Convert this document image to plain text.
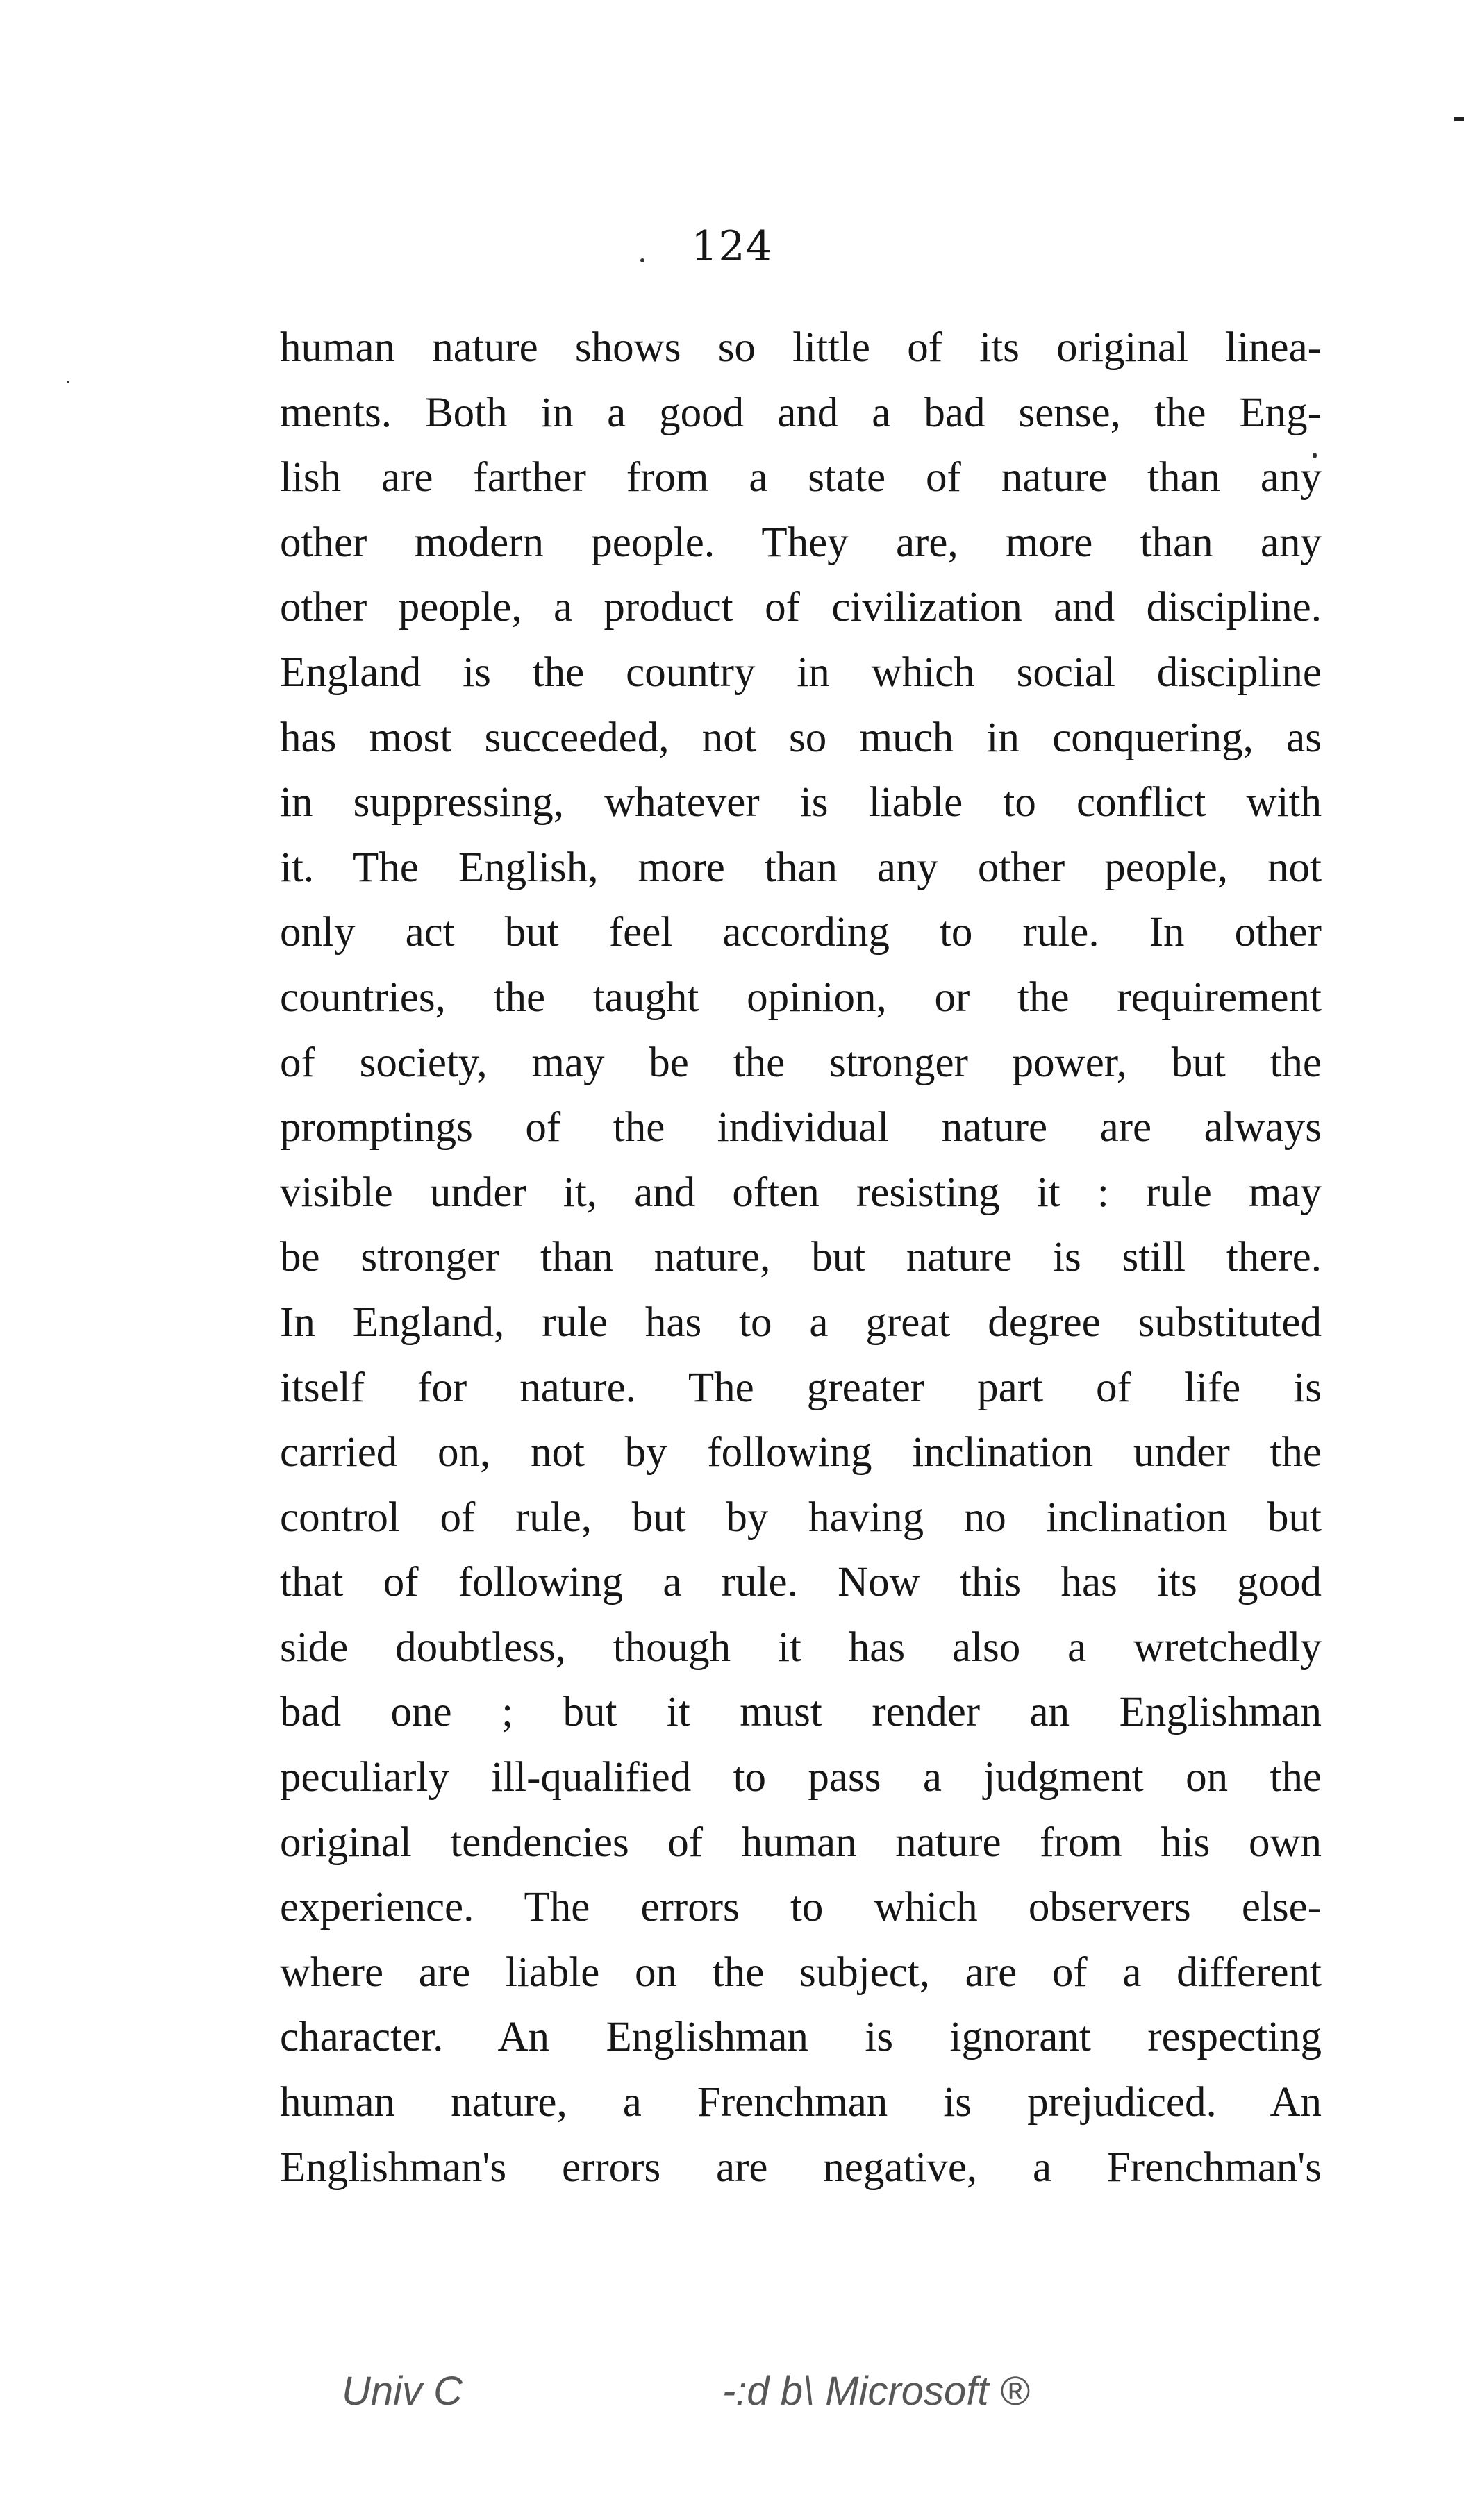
124
human nature shows so little of its original linea-
ments. Both in a good and a bad sense, the Eng-
lish are farther from a state of nature than any
other modern people. They are, more than any
other people, a product of civilization and discipline.
England is the country in which social discipline
has most succeeded, not so much in conquering, as
in suppressing, whatever is liable to conflict with
it. The English, more than any other people, not
only act but feel according to rule. In other
countries, the taught opinion, or the requirement
of society, may be the stronger power, but the
promptings of the individual nature are always
visible under it, and often resisting it : rule may
be stronger than nature, but nature is still there.
In England, rule has to a great degree substituted
itself for nature. The greater part of life is
carried on, not by following inclination under the
control of rule, but by having no inclination but
that of following a rule. Now this has its good
side doubtless, though it has also a wretchedly
bad one ; but it must render an Englishman
peculiarly ill-qualified to pass a judgment on the
original tendencies of human nature from his own
experience. The errors to which observers else-
where are liable on the subject, are of a different
character. An Englishman is ignorant respecting
human nature, a Frenchman is prejudiced. An
Englishman's errors are negative, a Frenchman's
Univ C	-:d b\ Microsoft ®
